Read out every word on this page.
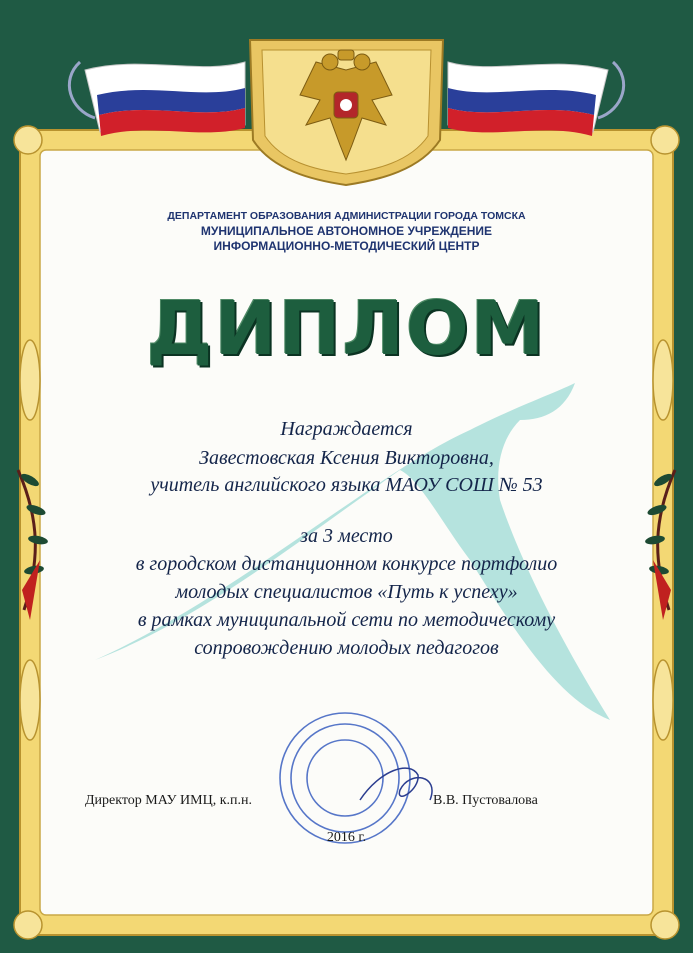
ДЕПАРТАМЕНТ ОБРАЗОВАНИЯ АДМИНИСТРАЦИИ ГОРОДА ТОМСКА
МУНИЦИПАЛЬНОЕ АВТОНОМНОЕ УЧРЕЖДЕНИЕ
ИНФОРМАЦИОННО-МЕТОДИЧЕСКИЙ ЦЕНТР
ДИПЛОМ
Награждается
Завестовская Ксения Викторовна,
учитель английского языка МАОУ СОШ № 53
за 3 место
в городском дистанционном конкурсе портфолио
молодых специалистов «Путь к успеху»
в рамках муниципальной сети по методическому
сопровождению молодых педагогов
Директор МАУ ИМЦ, к.п.н.	В.В. Пустовалова
2016 г.
